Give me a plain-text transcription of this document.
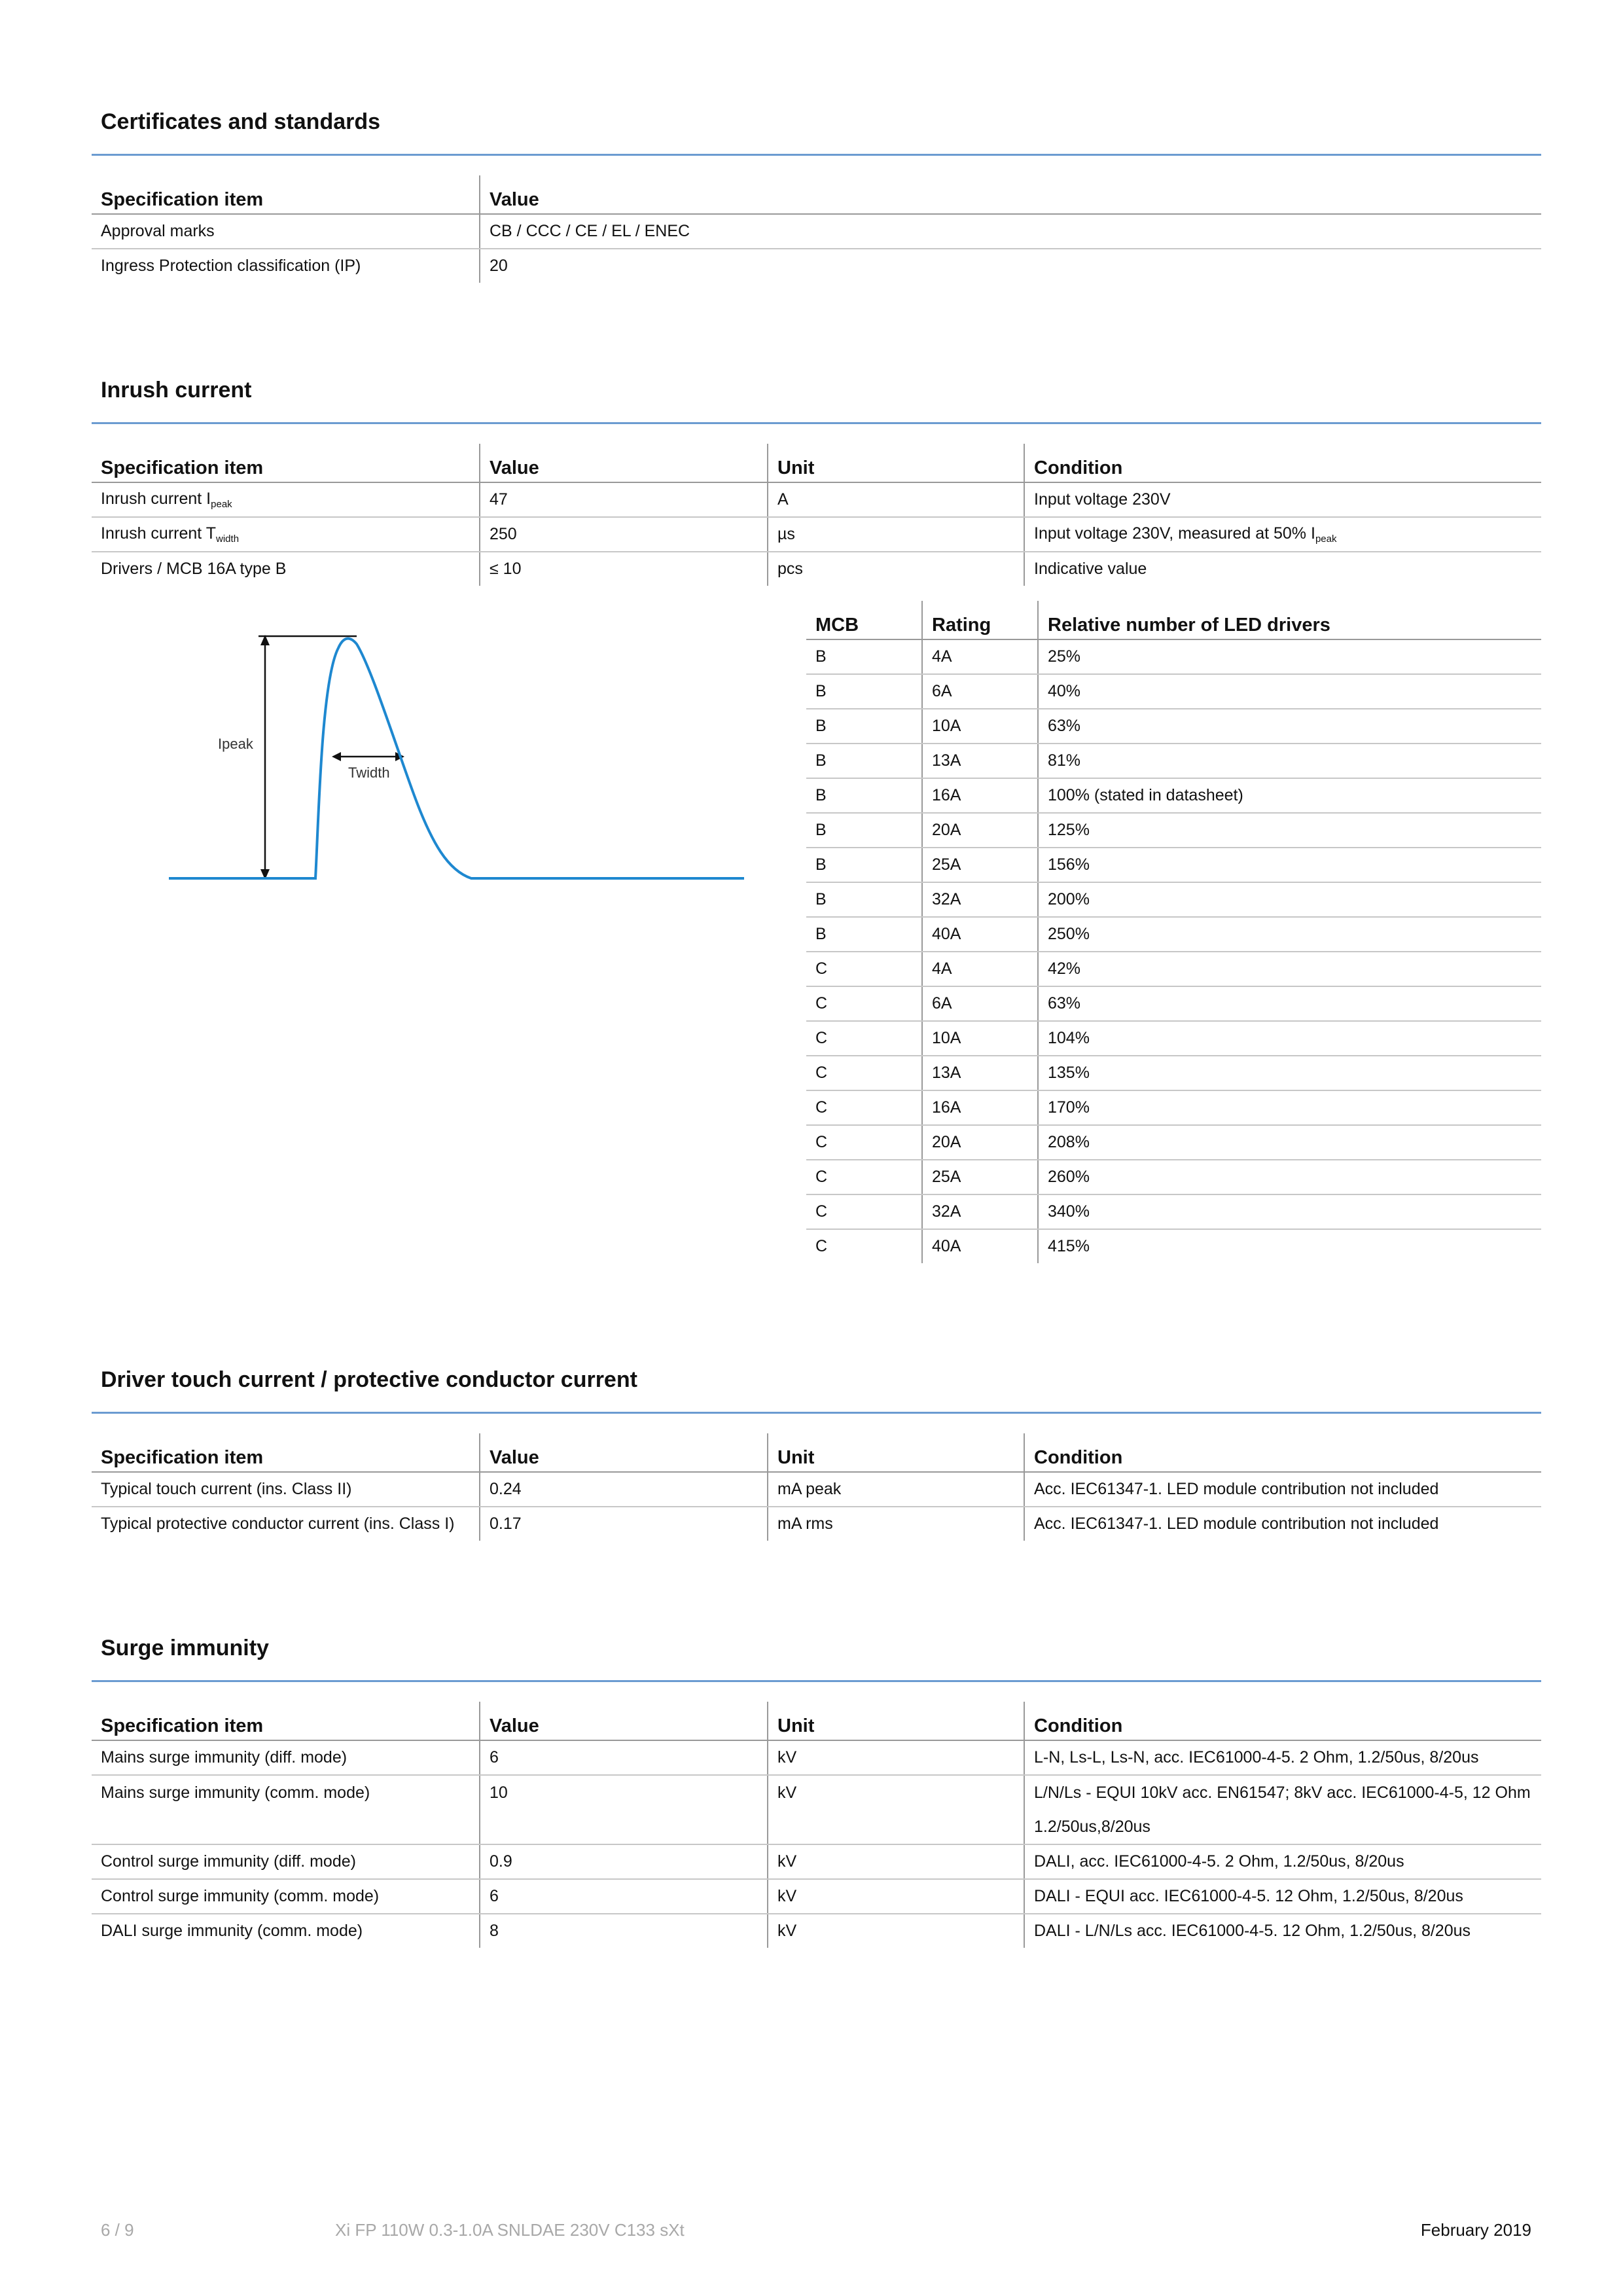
Certificates and standards
Specification item	Value
Approval marks	CB / CCC / CE / EL / ENEC
Ingress Protection classification (IP)	20
Inrush current
Specification item	Value	Unit	Condition
Inrush current $I_{peak}$	47	A	Input voltage 230V
Inrush current $T_{width}$	250	µs	Input voltage 230V, measured at 50% $I_{peak}$
Drivers / MCB 16A type B	≤ 10	pcs	Indicative value
Ipeak
Twidth
MCB	Rating	Relative number of LED drivers
B	4A	25%
B	6A	40%
B	10A	63%
B	13A	81%
B	16A	100% (stated in datasheet)
B	20A	125%
B	25A	156%
B	32A	200%
B	40A	250%
C	4A	42%
C	6A	63%
C	10A	104%
C	13A	135%
C	16A	170%
C	20A	208%
C	25A	260%
C	32A	340%
C	40A	415%
Driver touch current / protective conductor current
Specification item	Value	Unit	Condition
Typical touch current (ins. Class II)	0.24	mA peak	Acc. IEC61347-1. LED module contribution not included
Typical protective conductor current (ins. Class I)	0.17	mA rms	Acc. IEC61347-1. LED module contribution not included
Surge immunity
Specification item	Value	Unit	Condition
Mains surge immunity (diff. mode)	6	kV	L-N, Ls-L, Ls-N, acc. IEC61000-4-5. 2 Ohm, 1.2/50us, 8/20us
Mains surge immunity (comm. mode)	10	kV	L/N/Ls - EQUI 10kV acc. EN61547; 8kV acc. IEC61000-4-5, 12 Ohm 1.2/50us,8/20us
Control surge immunity (diff. mode)	0.9	kV	DALI, acc. IEC61000-4-5. 2 Ohm, 1.2/50us, 8/20us
Control surge immunity (comm. mode)	6	kV	DALI - EQUI acc. IEC61000-4-5. 12 Ohm, 1.2/50us, 8/20us
DALI surge immunity (comm. mode)	8	kV	DALI - L/N/Ls acc. IEC61000-4-5. 12 Ohm, 1.2/50us, 8/20us
6 / 9	Xi FP 110W 0.3-1.0A SNLDAE 230V C133 sXt	February 2019
